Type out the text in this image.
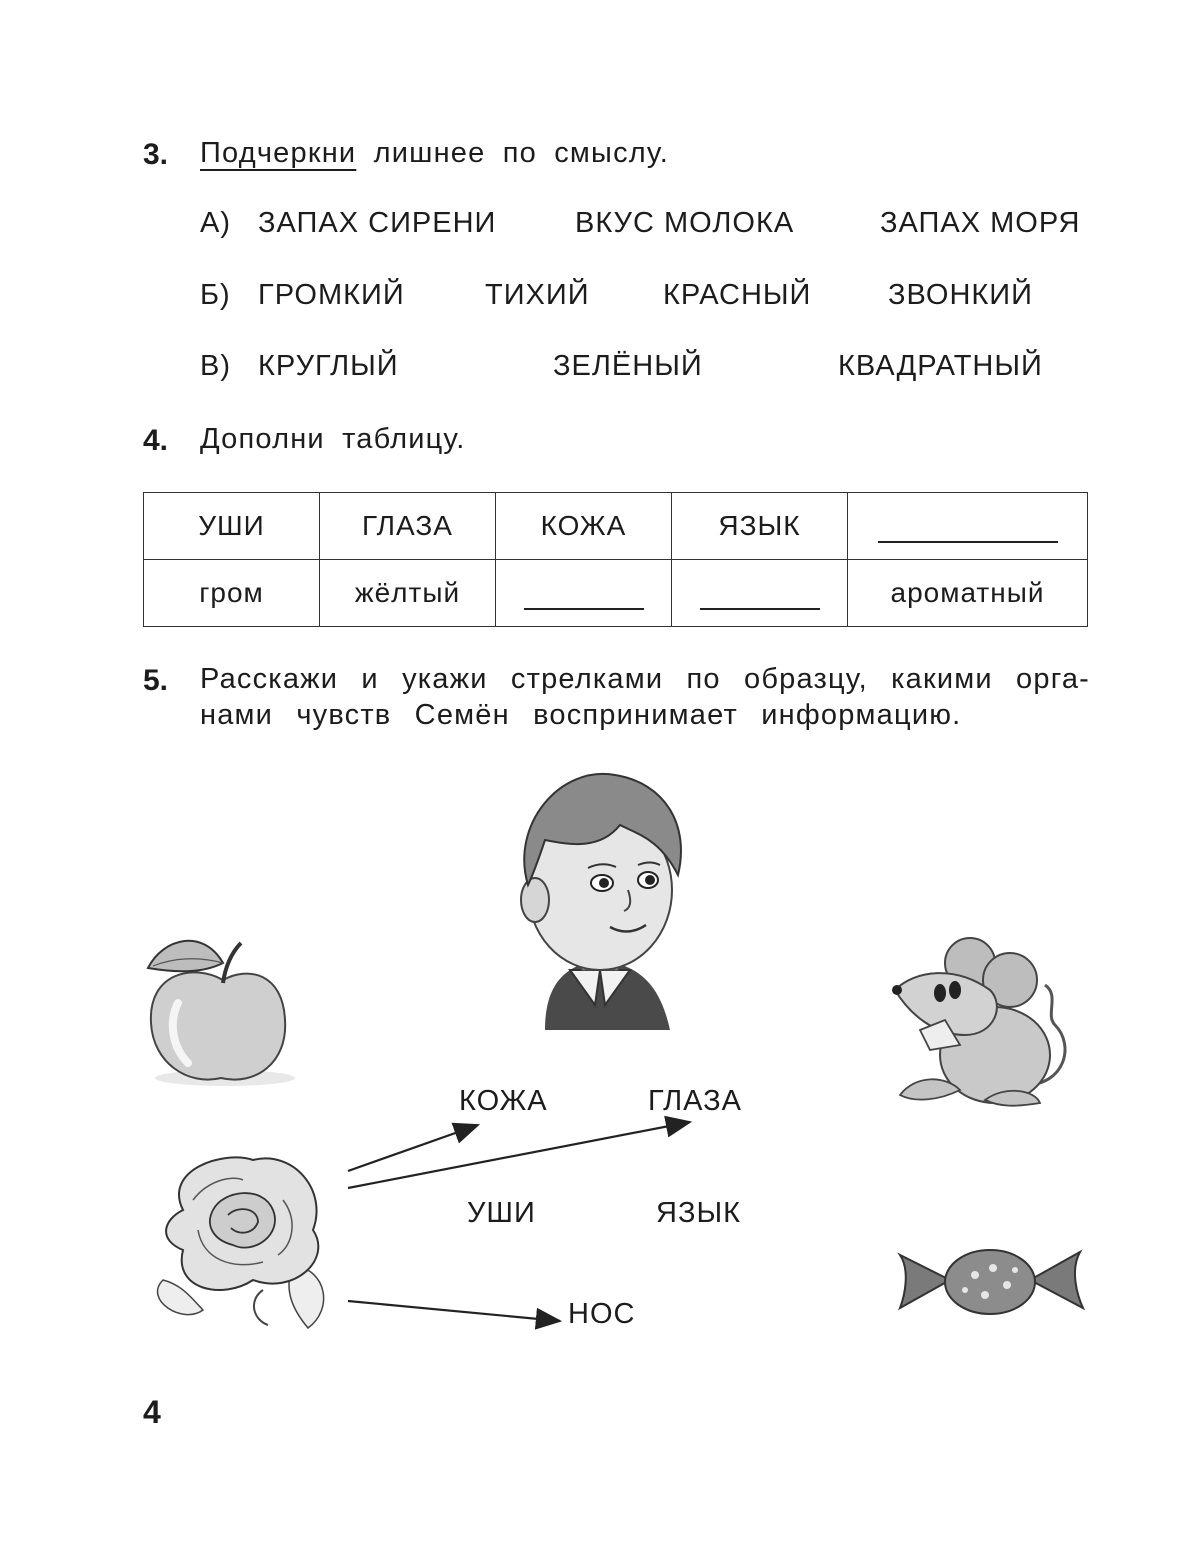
3. Подчеркни лишнее по смыслу.
А) ЗАПАХ СИРЕНИ	ВКУС МОЛОКА	ЗАПАХ МОРЯ
Б) ГРОМКИЙ	ТИХИЙ	КРАСНЫЙ	ЗВОНКИЙ
В) КРУГЛЫЙ	ЗЕЛЁНЫЙ	КВАДРАТНЫЙ
4. Дополни таблицу.
УШИ	ГЛАЗА	КОЖА	ЯЗЫК	
гром	жёлтый			ароматный
5. Расскажи и укажи стрелками по образцу, какими орга-
нами чувств Семён воспринимает информацию.
КОЖА	ГЛАЗА
УШИ	ЯЗЫК
НОС
4
